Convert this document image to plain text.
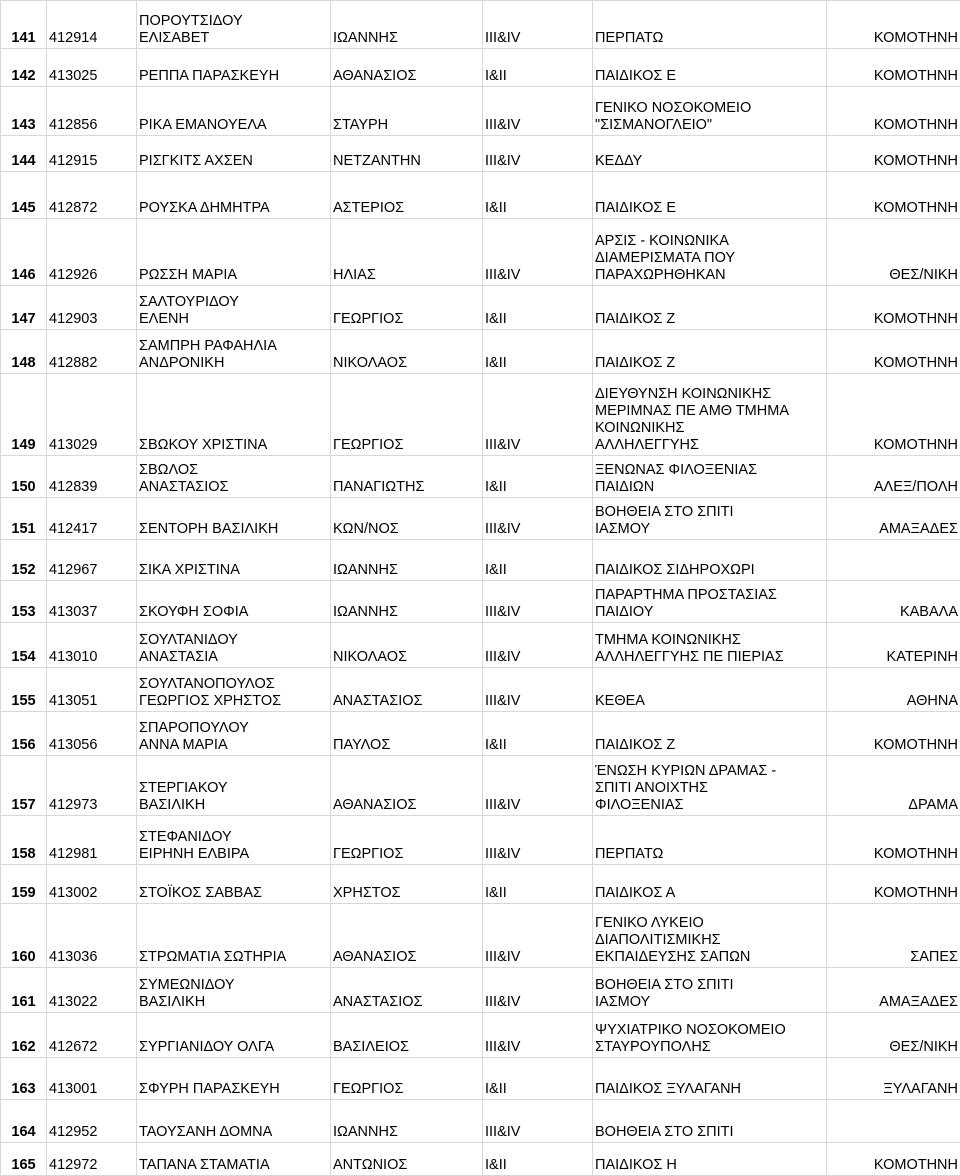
141	412914	ΠΟΡΟΥΤΣΙΔΟΥ
ΕΛΙΣΑΒΕΤ	ΙΩΑΝΝΗΣ	III&IV	ΠΕΡΠΑΤΩ	ΚΟΜΟΤΗΝΗ
142	413025	ΡΕΠΠΑ ΠΑΡΑΣΚΕΥΗ	ΑΘΑΝΑΣΙΟΣ	I&II	ΠΑΙΔΙΚΟΣ Ε	ΚΟΜΟΤΗΝΗ
143	412856	ΡΙΚΑ ΕΜΑΝΟΥΕΛΑ	ΣΤΑΥΡΗ	III&IV	ΓΕΝΙΚΟ ΝΟΣΟΚΟΜΕΙΟ
"ΣΙΣΜΑΝΟΓΛΕΙΟ"	ΚΟΜΟΤΗΝΗ
144	412915	ΡΙΣΓΚΙΤΣ ΑΧΣΕΝ	ΝΕΤΖΑΝΤΗΝ	III&IV	ΚΕΔΔΥ	ΚΟΜΟΤΗΝΗ
145	412872	ΡΟΥΣΚΑ ΔΗΜΗΤΡΑ	ΑΣΤΕΡΙΟΣ	I&II	ΠΑΙΔΙΚΟΣ Ε	ΚΟΜΟΤΗΝΗ
146	412926	ΡΩΣΣΗ ΜΑΡΙΑ	ΗΛΙΑΣ	III&IV	ΑΡΣΙΣ - ΚΟΙΝΩΝΙΚΑ
ΔΙΑΜΕΡΙΣΜΑΤΑ ΠΟΥ
ΠΑΡΑΧΩΡΗΘΗΚΑΝ	ΘΕΣ/ΝΙΚΗ
147	412903	ΣΑΛΤΟΥΡΙΔΟΥ
ΕΛΕΝΗ	ΓΕΩΡΓΙΟΣ	I&II	ΠΑΙΔΙΚΟΣ Ζ	ΚΟΜΟΤΗΝΗ
148	412882	ΣΑΜΠΡΗ ΡΑΦΑΗΛΙΑ
ΑΝΔΡΟΝΙΚΗ	ΝΙΚΟΛΑΟΣ	I&II	ΠΑΙΔΙΚΟΣ Ζ	ΚΟΜΟΤΗΝΗ
149	413029	ΣΒΩΚΟΥ ΧΡΙΣΤΙΝΑ	ΓΕΩΡΓΙΟΣ	III&IV	ΔΙΕΥΘΥΝΣΗ ΚΟΙΝΩΝΙΚΗΣ
ΜΕΡΙΜΝΑΣ ΠΕ ΑΜΘ ΤΜΗΜΑ
ΚΟΙΝΩΝΙΚΗΣ
ΑΛΛΗΛΕΓΓΥΗΣ	ΚΟΜΟΤΗΝΗ
150	412839	ΣΒΩΛΟΣ
ΑΝΑΣΤΑΣΙΟΣ	ΠΑΝΑΓΙΩΤΗΣ	I&II	ΞΕΝΩΝΑΣ ΦΙΛΟΞΕΝΙΑΣ
ΠΑΙΔΙΩΝ	ΑΛΕΞ/ΠΟΛΗ
151	412417	ΣΕΝΤΟΡΗ ΒΑΣΙΛΙΚΗ	ΚΩΝ/ΝΟΣ	III&IV	ΒΟΗΘΕΙΑ ΣΤΟ ΣΠΙΤΙ
ΙΑΣΜΟΥ	ΑΜΑΞΑΔΕΣ
152	412967	ΣΙΚΑ ΧΡΙΣΤΙΝΑ	ΙΩΑΝΝΗΣ	I&II	ΠΑΙΔΙΚΟΣ ΣΙΔΗΡΟΧΩΡΙ	
153	413037	ΣΚΟΥΦΗ ΣΟΦΙΑ	ΙΩΑΝΝΗΣ	III&IV	ΠΑΡΑΡΤΗΜΑ ΠΡΟΣΤΑΣΙΑΣ
ΠΑΙΔΙΟΥ	ΚΑΒΑΛΑ
154	413010	ΣΟΥΛΤΑΝΙΔΟΥ
ΑΝΑΣΤΑΣΙΑ	ΝΙΚΟΛΑΟΣ	III&IV	ΤΜΗΜΑ ΚΟΙΝΩΝΙΚΗΣ
ΑΛΛΗΛΕΓΓΥΗΣ ΠΕ ΠΙΕΡΙΑΣ	ΚΑΤΕΡΙΝΗ
155	413051	ΣΟΥΛΤΑΝΟΠΟΥΛΟΣ
ΓΕΩΡΓΙΟΣ ΧΡΗΣΤΟΣ	ΑΝΑΣΤΑΣΙΟΣ	III&IV	ΚΕΘΕΑ	ΑΘΗΝΑ
156	413056	ΣΠΑΡΟΠΟΥΛΟΥ
ΑΝΝΑ ΜΑΡΙΑ	ΠΑΥΛΟΣ	I&II	ΠΑΙΔΙΚΟΣ Ζ	ΚΟΜΟΤΗΝΗ
157	412973	ΣΤΕΡΓΙΑΚΟΥ
ΒΑΣΙΛΙΚΗ	ΑΘΑΝΑΣΙΟΣ	III&IV	ΈΝΩΣΗ ΚΥΡΙΩΝ ΔΡΑΜΑΣ -
ΣΠΙΤΙ ΑΝΟΙΧΤΗΣ
ΦΙΛΟΞΕΝΙΑΣ	ΔΡΑΜΑ
158	412981	ΣΤΕΦΑΝΙΔΟΥ
ΕΙΡΗΝΗ ΕΛΒΙΡΑ	ΓΕΩΡΓΙΟΣ	III&IV	ΠΕΡΠΑΤΩ	ΚΟΜΟΤΗΝΗ
159	413002	ΣΤΟΪΚΟΣ ΣΑΒΒΑΣ	ΧΡΗΣΤΟΣ	I&II	ΠΑΙΔΙΚΟΣ Α	ΚΟΜΟΤΗΝΗ
160	413036	ΣΤΡΩΜΑΤΙΑ ΣΩΤΗΡΙΑ	ΑΘΑΝΑΣΙΟΣ	III&IV	ΓΕΝΙΚΟ ΛΥΚΕΙΟ
ΔΙΑΠΟΛΙΤΙΣΜΙΚΗΣ
ΕΚΠΑΙΔΕΥΣΗΣ ΣΑΠΩΝ	ΣΑΠΕΣ
161	413022	ΣΥΜΕΩΝΙΔΟΥ
ΒΑΣΙΛΙΚΗ	ΑΝΑΣΤΑΣΙΟΣ	III&IV	ΒΟΗΘΕΙΑ ΣΤΟ ΣΠΙΤΙ
ΙΑΣΜΟΥ	ΑΜΑΞΑΔΕΣ
162	412672	ΣΥΡΓΙΑΝΙΔΟΥ ΟΛΓΑ	ΒΑΣΙΛΕΙΟΣ	III&IV	ΨΥΧΙΑΤΡΙΚΟ ΝΟΣΟΚΟΜΕΙΟ
ΣΤΑΥΡΟΥΠΟΛΗΣ	ΘΕΣ/ΝΙΚΗ
163	413001	ΣΦΥΡΗ ΠΑΡΑΣΚΕΥΗ	ΓΕΩΡΓΙΟΣ	I&II	ΠΑΙΔΙΚΟΣ ΞΥΛΑΓΑΝΗ	ΞΥΛΑΓΑΝΗ
164	412952	ΤΑΟΥΣΑΝΗ ΔΟΜΝΑ	ΙΩΑΝΝΗΣ	III&IV	ΒΟΗΘΕΙΑ ΣΤΟ ΣΠΙΤΙ	
165	412972	ΤΑΠΑΝΑ ΣΤΑΜΑΤΙΑ	ΑΝΤΩΝΙΟΣ	I&II	ΠΑΙΔΙΚΟΣ Η	ΚΟΜΟΤΗΝΗ
